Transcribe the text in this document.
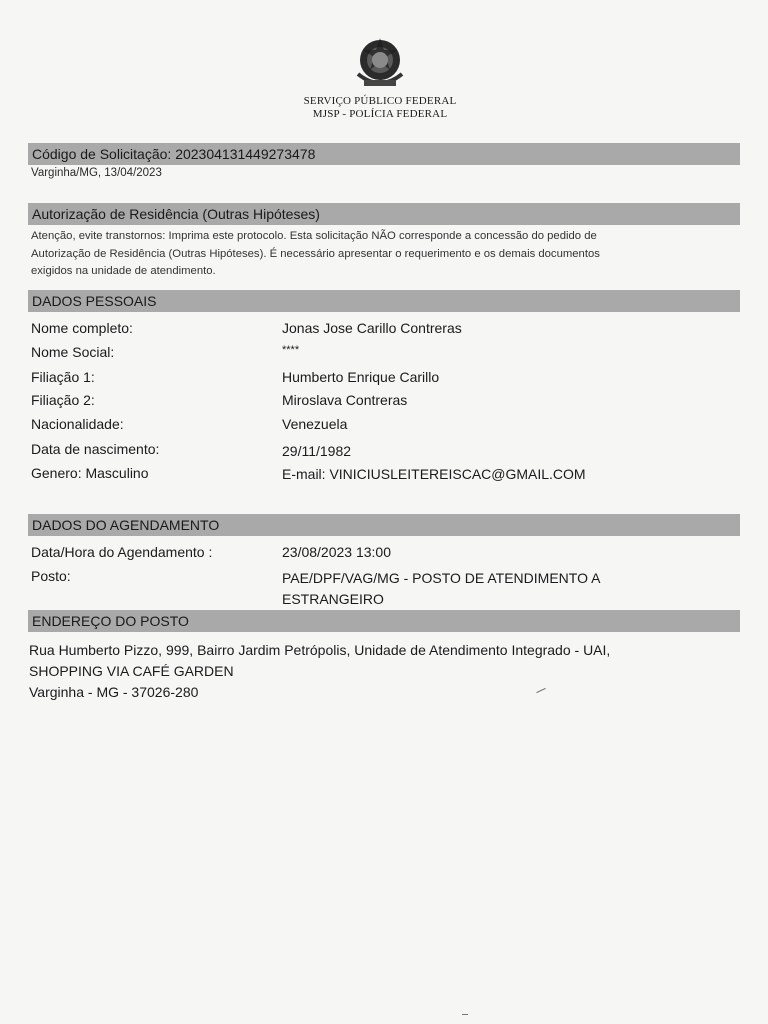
SERVIÇO PÚBLICO FEDERAL
MJSP - POLÍCIA FEDERAL
Código de Solicitação: 202304131449273478
Varginha/MG, 13/04/2023
Autorização de Residência (Outras Hipóteses)
Atenção, evite transtornos: Imprima este protocolo. Esta solicitação NÃO corresponde a concessão do pedido de
Autorização de Residência (Outras Hipóteses). É necessário apresentar o requerimento e os demais documentos
exigidos na unidade de atendimento.
DADOS PESSOAIS
Nome completo:	Jonas Jose Carillo Contreras
Nome Social:	****
Filiação 1:	Humberto Enrique Carillo
Filiação 2:	Miroslava Contreras
Nacionalidade:	Venezuela
Data de nascimento:	29/11/1982
Genero: Masculino	E-mail: VINICIUSLEITEREISCAC@GMAIL.COM
DADOS DO AGENDAMENTO
Data/Hora do Agendamento :	23/08/2023 13:00
Posto:	PAE/DPF/VAG/MG - POSTO DE ATENDIMENTO A
ESTRANGEIRO
ENDEREÇO DO POSTO
Rua Humberto Pizzo, 999, Bairro Jardim Petrópolis, Unidade de Atendimento Integrado - UAI,
SHOPPING VIA CAFÉ GARDEN
Varginha - MG - 37026-280
